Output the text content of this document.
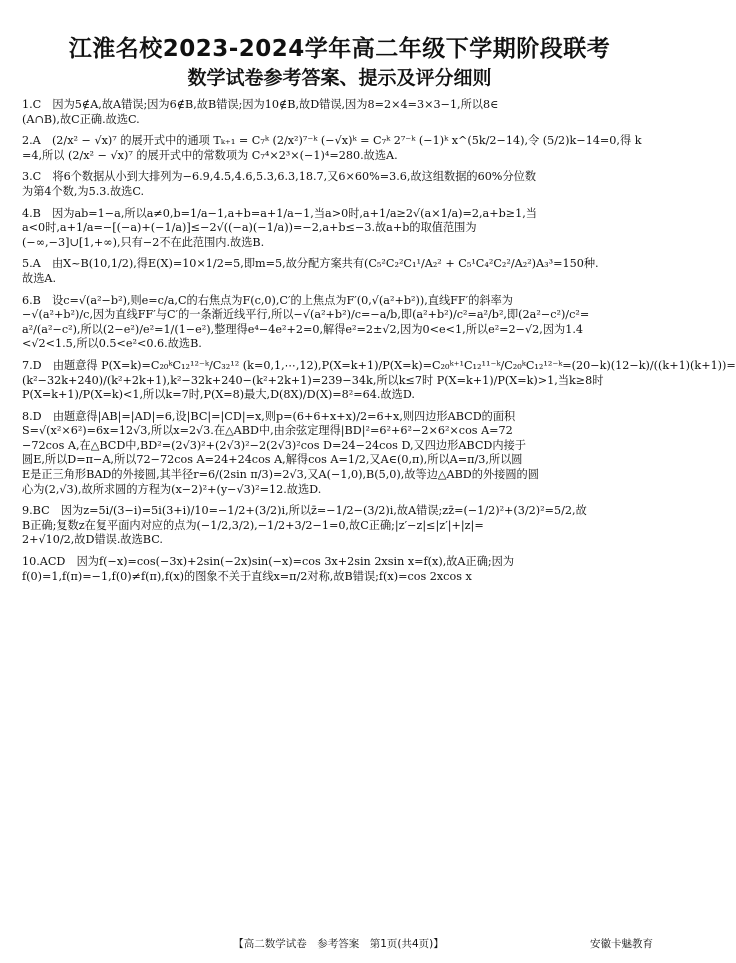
江淮名校2023-2024学年高二年级下学期阶段联考
数学试卷参考答案、提示及评分细则
1.C　因为5∉A,故A错误;因为6∉B,故B错误;因为10∉B,故D错误,因为8=2×4=3×3−1,所以8∈
(A∩B),故C正确.故选C.
2.A　(2/x² − √x)⁷ 的展开式中的通项 Tₖ₊₁ = C₇ᵏ (2/x²)⁷⁻ᵏ (−√x)ᵏ = C₇ᵏ 2⁷⁻ᵏ (−1)ᵏ x^(5k/2−14),令 (5/2)k−14=0,得 k
=4,所以 (2/x² − √x)⁷ 的展开式中的常数项为 C₇⁴×2³×(−1)⁴=280.故选A.
3.C　将6个数据从小到大排列为−6.9,4.5,4.6,5.3,6.3,18.7,又6×60%=3.6,故这组数据的60%分位数
为第4个数,为5.3.故选C.
4.B　因为ab=1−a,所以a≠0,b=1/a−1,a+b=a+1/a−1,当a>0时,a+1/a≥2√(a×1/a)=2,a+b≥1,当
a<0时,a+1/a=−[(−a)+(−1/a)]≤−2√((−a)(−1/a))=−2,a+b≤−3.故a+b的取值范围为
(−∞,−3]∪[1,+∞),只有−2不在此范围内.故选B.
5.A　由X~B(10,1/2),得E(X)=10×1/2=5,即m=5,故分配方案共有(C₅²C₂²C₁¹/A₂² + C₅¹C₄²C₂²/A₂²)A₃³=150种.
故选A.
6.B　设c=√(a²−b²),则e=c/a,C的右焦点为F(c,0),C′的上焦点为F′(0,√(a²+b²)),直线FF′的斜率为
−√(a²+b²)/c,因为直线FF′与C′的一条渐近线平行,所以−√(a²+b²)/c=−a/b,即(a²+b²)/c²=a²/b²,即(2a²−c²)/c²=
a²/(a²−c²),所以(2−e²)/e²=1/(1−e²),整理得e⁴−4e²+2=0,解得e²=2±√2,因为0<e<1,所以e²=2−√2,因为1.4
<√2<1.5,所以0.5<e²<0.6.故选B.
7.D　由题意得 P(X=k)=C₂₀ᵏC₁₂¹²⁻ᵏ/C₃₂¹² (k=0,1,⋯,12),P(X=k+1)/P(X=k)=C₂₀ᵏ⁺¹C₁₂¹¹⁻ᵏ/C₂₀ᵏC₁₂¹²⁻ᵏ=(20−k)(12−k)/((k+1)(k+1))=
(k²−32k+240)/(k²+2k+1),k²−32k+240−(k²+2k+1)=239−34k,所以k≤7时 P(X=k+1)/P(X=k)>1,当k≥8时
P(X=k+1)/P(X=k)<1,所以k=7时,P(X=8)最大,D(8X)/D(X)=8²=64.故选D.
8.D　由题意得|AB|=|AD|=6,设|BC|=|CD|=x,则p=(6+6+x+x)/2=6+x,则四边形ABCD的面积
S=√(x²×6²)=6x=12√3,所以x=2√3.在△ABD中,由余弦定理得|BD|²=6²+6²−2×6²×cos A=72
−72cos A,在△BCD中,BD²=(2√3)²+(2√3)²−2(2√3)²cos D=24−24cos D,又四边形ABCD内接于
圆E,所以D=π−A,所以72−72cos A=24+24cos A,解得cos A=1/2,又A∈(0,π),所以A=π/3,所以圆
E是正三角形BAD的外接圆,其半径r=6/(2sin π/3)=2√3,又A(−1,0),B(5,0),故等边△ABD的外接圆的圆
心为(2,√3),故所求圆的方程为(x−2)²+(y−√3)²=12.故选D.
9.BC　因为z=5i/(3−i)=5i(3+i)/10=−1/2+(3/2)i,所以z̄=−1/2−(3/2)i,故A错误;zz̄=(−1/2)²+(3/2)²=5/2,故
B正确;复数z在复平面内对应的点为(−1/2,3/2),−1/2+3/2−1=0,故C正确;|z′−z|≤|z′|+|z|=
2+√10/2,故D错误.故选BC.
10.ACD　因为f(−x)=cos(−3x)+2sin(−2x)sin(−x)=cos 3x+2sin 2xsin x=f(x),故A正确;因为
f(0)=1,f(π)=−1,f(0)≠f(π),f(x)的图象不关于直线x=π/2对称,故B错误;f(x)=cos 2xcos x
【高二数学试卷　参考答案　第1页(共4页)】	安徽卡魅教育
